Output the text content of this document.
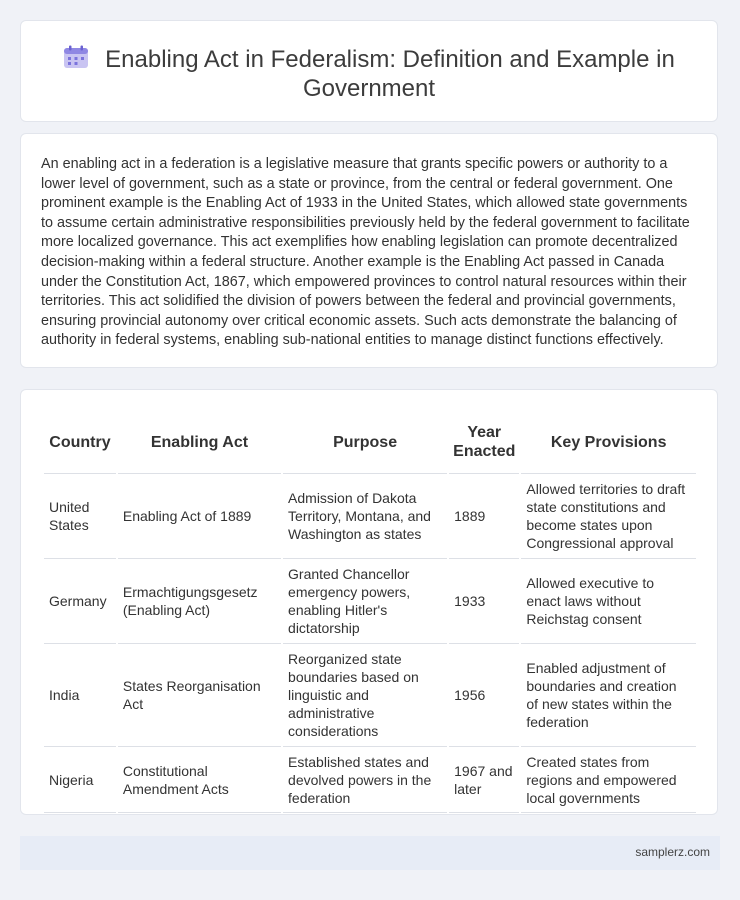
Enabling Act in Federalism: Definition and Example in Government

An enabling act in a federation is a legislative measure that grants specific powers or authority to a lower level of government, such as a state or province, from the central or federal government. One prominent example is the Enabling Act of 1933 in the United States, which allowed state governments to assume certain administrative responsibilities previously held by the federal government to facilitate more localized governance. This act exemplifies how enabling legislation can promote decentralized decision-making within a federal structure. Another example is the Enabling Act passed in Canada under the Constitution Act, 1867, which empowered provinces to control natural resources within their territories. This act solidified the division of powers between the federal and provincial governments, ensuring provincial autonomy over critical economic assets. Such acts demonstrate the balancing of authority in federal systems, enabling sub-national entities to manage distinct functions effectively.

Country	Enabling Act	Purpose	Year Enacted	Key Provisions
United States	Enabling Act of 1889	Admission of Dakota Territory, Montana, and Washington as states	1889	Allowed territories to draft state constitutions and become states upon Congressional approval
Germany	Ermachtigungsgesetz (Enabling Act)	Granted Chancellor emergency powers, enabling Hitler's dictatorship	1933	Allowed executive to enact laws without Reichstag consent
India	States Reorganisation Act	Reorganized state boundaries based on linguistic and administrative considerations	1956	Enabled adjustment of boundaries and creation of new states within the federation
Nigeria	Constitutional Amendment Acts	Established states and devolved powers in the federation	1967 and later	Created states from regions and empowered local governments
samplerz.com
